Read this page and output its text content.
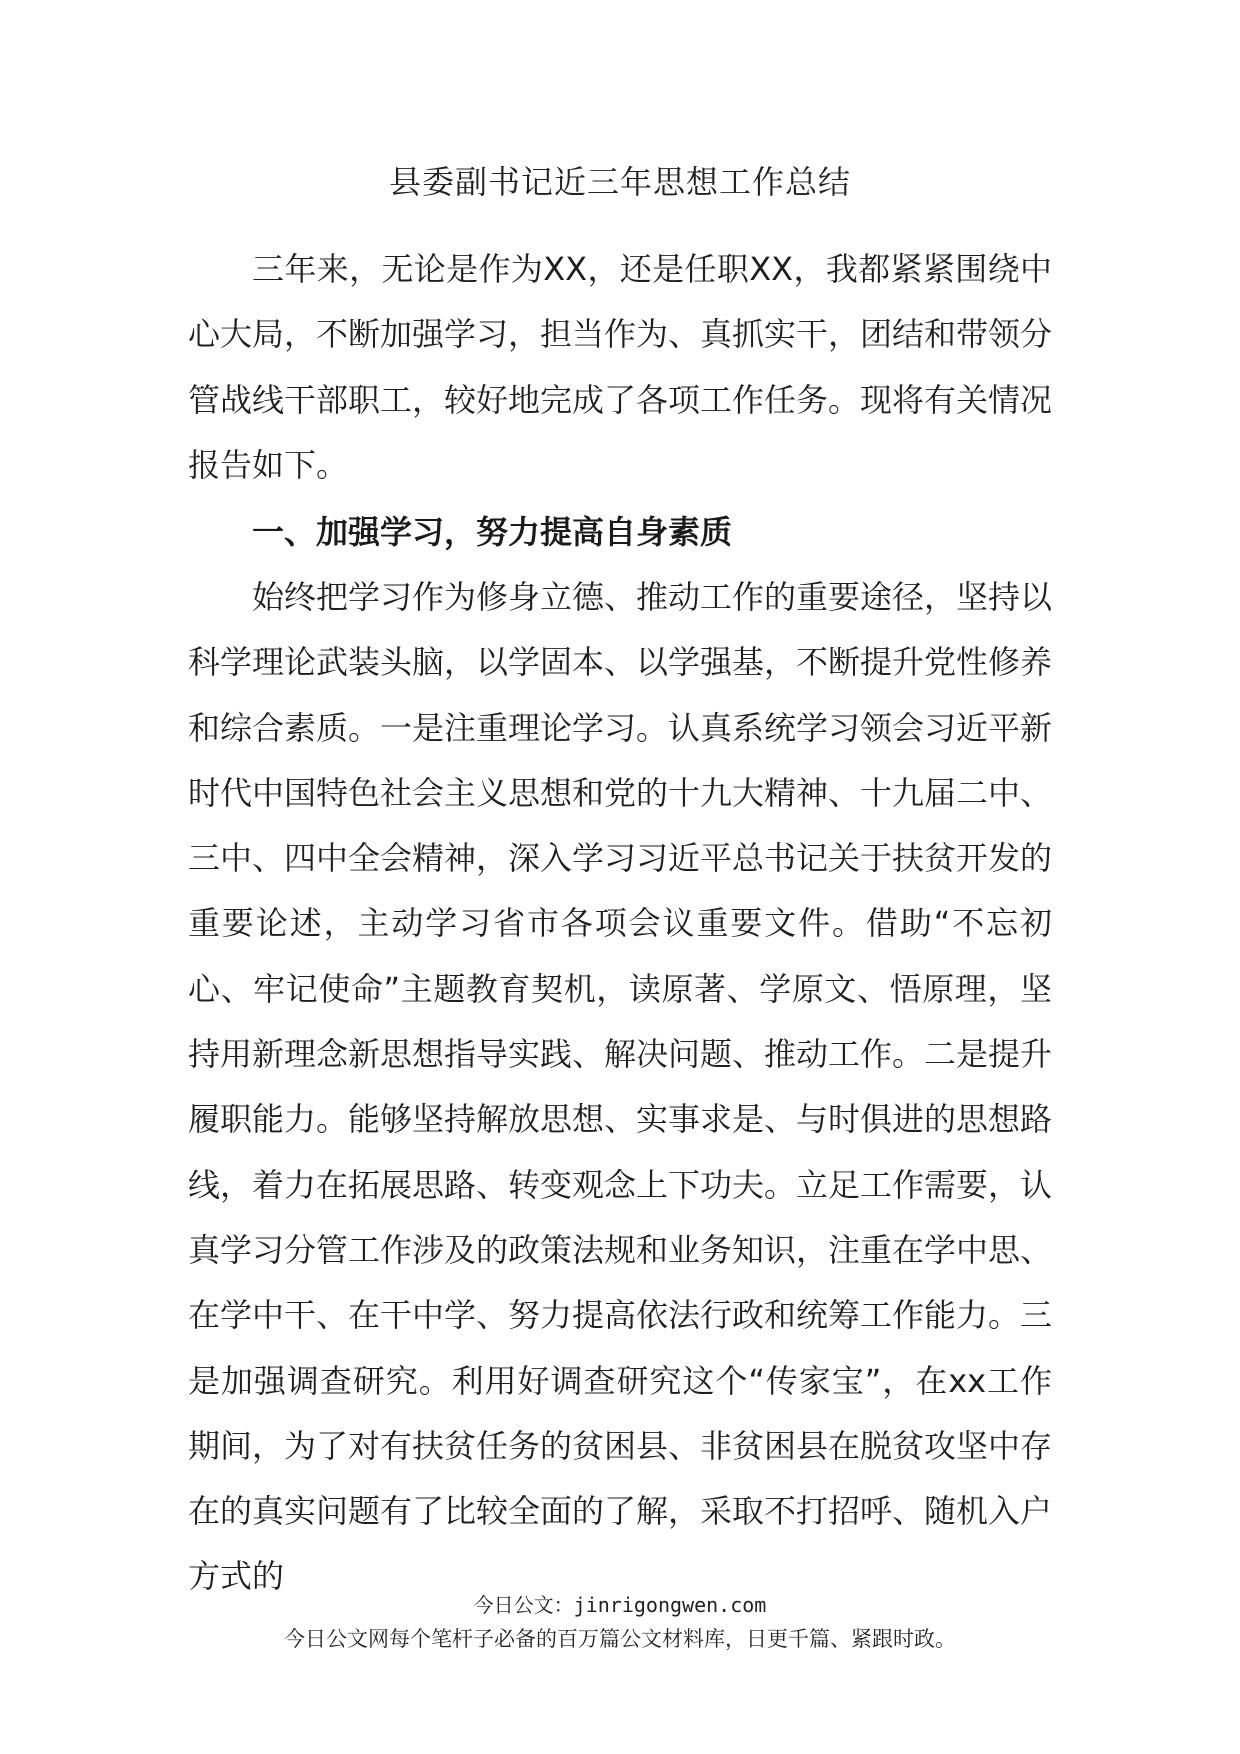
县委副书记近三年思想工作总结

三年来，无论是作为XX，还是任职XX，我都紧紧围绕中心大局，不断加强学习，担当作为、真抓实干，团结和带领分管战线干部职工，较好地完成了各项工作任务。现将有关情况报告如下。

一、加强学习，努力提高自身素质

始终把学习作为修身立德、推动工作的重要途径，坚持以科学理论武装头脑，以学固本、以学强基，不断提升党性修养和综合素质。一是注重理论学习。认真系统学习领会习近平新时代中国特色社会主义思想和党的十九大精神、十九届二中、三中、四中全会精神，深入学习习近平总书记关于扶贫开发的重要论述，主动学习省市各项会议重要文件。借助“不忘初心、牢记使命”主题教育契机，读原著、学原文、悟原理，坚持用新理念新思想指导实践、解决问题、推动工作。二是提升履职能力。能够坚持解放思想、实事求是、与时俱进的思想路线，着力在拓展思路、转变观念上下功夫。立足工作需要，认真学习分管工作涉及的政策法规和业务知识，注重在学中思、在学中干、在干中学、努力提高依法行政和统筹工作能力。三是加强调查研究。利用好调查研究这个“传家宝”，在xx工作期间，为了对有扶贫任务的贫困县、非贫困县在脱贫攻坚中存在的真实问题有了比较全面的了解，采取不打招呼、随机入户方式的

今日公文：jinrigongwen.com
今日公文网每个笔杆子必备的百万篇公文材料库，日更千篇、紧跟时政。
